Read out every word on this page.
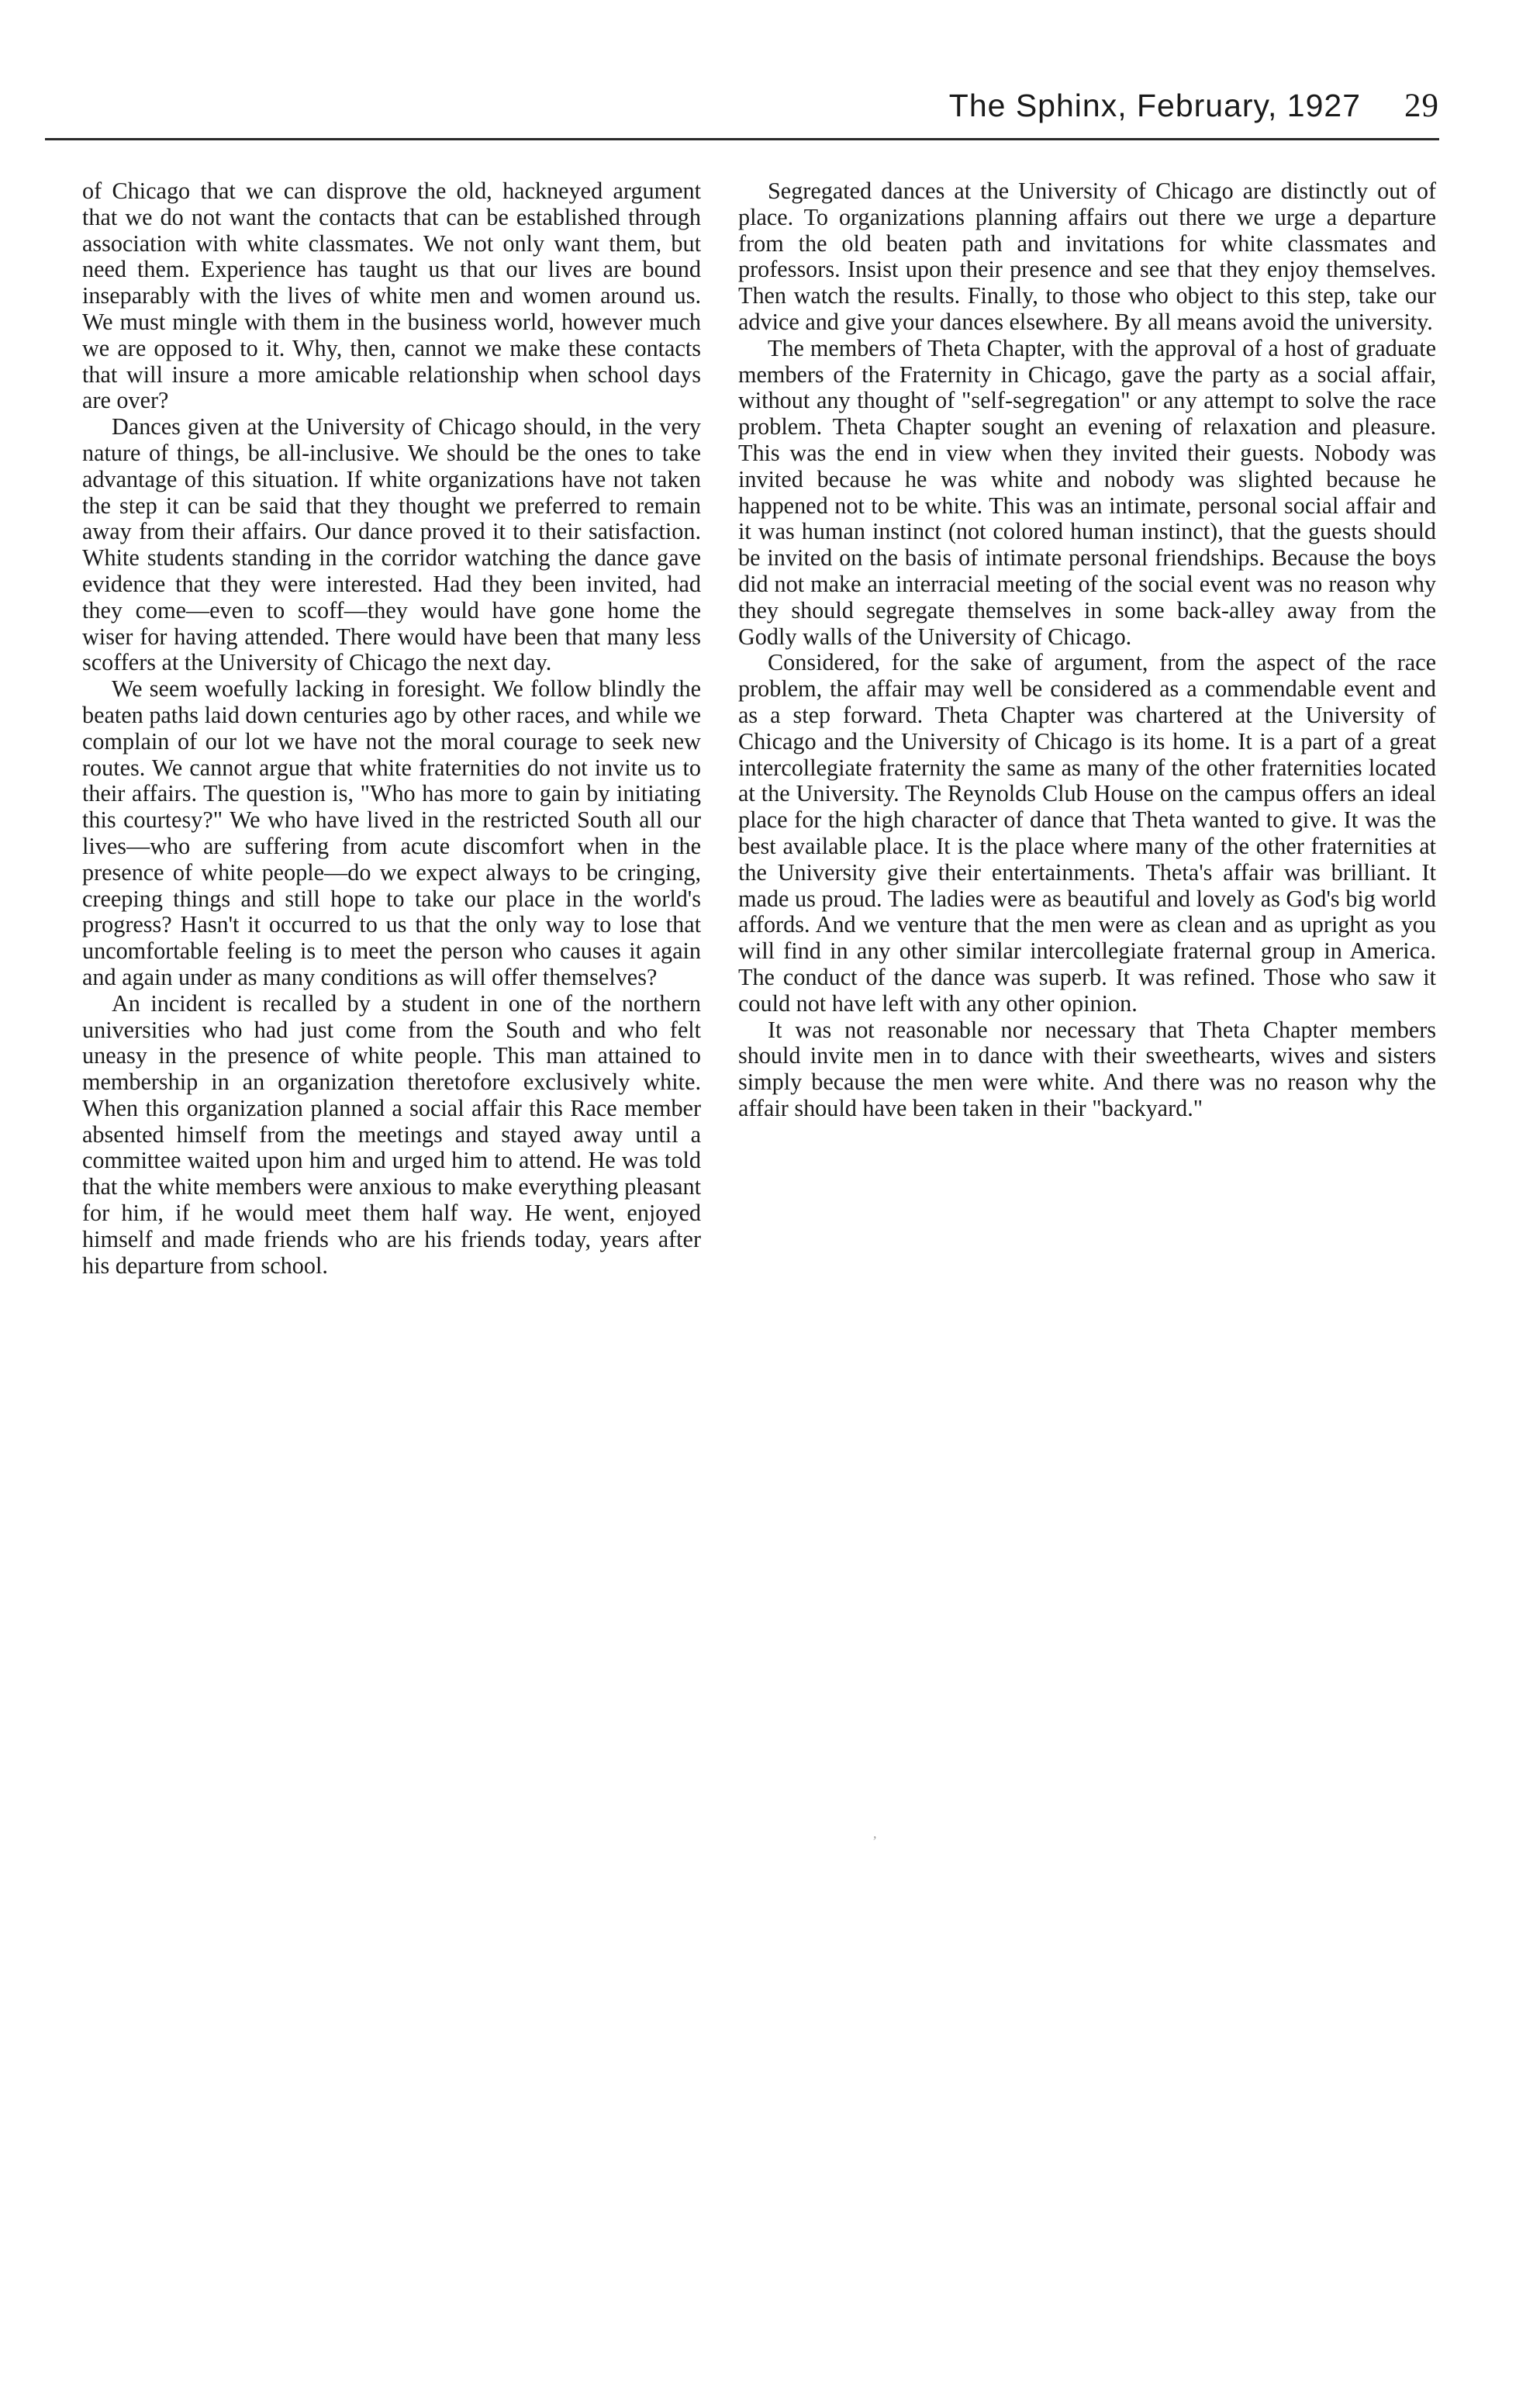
The Sphinx, February, 1927 29

of Chicago that we can disprove the old, hackneyed argument that we do not want the contacts that can be established through association with white classmates. We not only want them, but need them. Experience has taught us that our lives are bound inseparably with the lives of white men and women around us. We must mingle with them in the business world, however much we are opposed to it. Why, then, cannot we make these contacts that will insure a more amicable relationship when school days are over?

Dances given at the University of Chicago should, in the very nature of things, be all-inclusive. We should be the ones to take advantage of this situation. If white organizations have not taken the step it can be said that they thought we preferred to remain away from their affairs. Our dance proved it to their satisfaction. White students standing in the corridor watching the dance gave evidence that they were interested. Had they been invited, had they come—even to scoff—they would have gone home the wiser for having attended. There would have been that many less scoffers at the University of Chicago the next day.

We seem woefully lacking in foresight. We follow blindly the beaten paths laid down centuries ago by other races, and while we complain of our lot we have not the moral courage to seek new routes. We cannot argue that white fraternities do not invite us to their affairs. The question is, "Who has more to gain by initiating this courtesy?" We who have lived in the restricted South all our lives—who are suffering from acute discomfort when in the presence of white people—do we expect always to be cringing, creeping things and still hope to take our place in the world's progress? Hasn't it occurred to us that the only way to lose that uncomfortable feeling is to meet the person who causes it again and again under as many conditions as will offer themselves?

An incident is recalled by a student in one of the northern universities who had just come from the South and who felt uneasy in the presence of white people. This man attained to membership in an organization theretofore exclusively white. When this organization planned a social affair this Race member absented himself from the meetings and stayed away until a committee waited upon him and urged him to attend. He was told that the white members were anxious to make everything pleasant for him, if he would meet them half way. He went, enjoyed himself and made friends who are his friends today, years after his departure from school.

Segregated dances at the University of Chicago are distinctly out of place. To organizations planning affairs out there we urge a departure from the old beaten path and invitations for white classmates and professors. Insist upon their presence and see that they enjoy themselves. Then watch the results. Finally, to those who object to this step, take our advice and give your dances elsewhere. By all means avoid the university.

The members of Theta Chapter, with the approval of a host of graduate members of the Fraternity in Chicago, gave the party as a social affair, without any thought of "self-segregation" or any attempt to solve the race problem. Theta Chapter sought an evening of relaxation and pleasure. This was the end in view when they invited their guests. Nobody was invited because he was white and nobody was slighted because he happened not to be white. This was an intimate, personal social affair and it was human instinct (not colored human instinct), that the guests should be invited on the basis of intimate personal friendships. Because the boys did not make an interracial meeting of the social event was no reason why they should segregate themselves in some back-alley away from the Godly walls of the University of Chicago.

Considered, for the sake of argument, from the aspect of the race problem, the affair may well be considered as a commendable event and as a step forward. Theta Chapter was chartered at the University of Chicago and the University of Chicago is its home. It is a part of a great intercollegiate fraternity the same as many of the other fraternities located at the University. The Reynolds Club House on the campus offers an ideal place for the high character of dance that Theta wanted to give. It was the best available place. It is the place where many of the other fraternities at the University give their entertainments. Theta's affair was brilliant. It made us proud. The ladies were as beautiful and lovely as God's big world affords. And we venture that the men were as clean and as upright as you will find in any other similar intercollegiate fraternal group in America. The conduct of the dance was superb. It was refined. Those who saw it could not have left with any other opinion.

It was not reasonable nor necessary that Theta Chapter members should invite men in to dance with their sweethearts, wives and sisters simply because the men were white. And there was no reason why the affair should have been taken in their "backyard."

,
